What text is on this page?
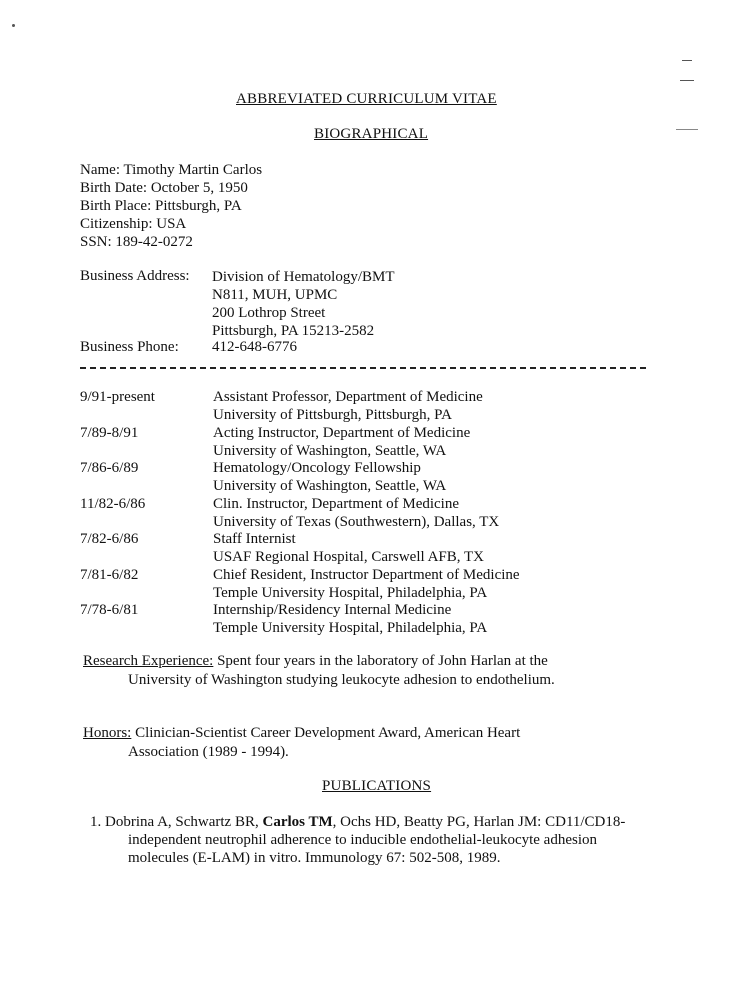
ABBREVIATED CURRICULUM VITAE
BIOGRAPHICAL
Name: Timothy Martin Carlos
Birth Date: October 5, 1950
Birth Place: Pittsburgh, PA
Citizenship: USA
SSN: 189-42-0272
Business Address: Division of Hematology/BMT
N811, MUH, UPMC
200 Lothrop Street
Pittsburgh, PA 15213-2582
Business Phone: 412-648-6776
9/91-present	Assistant Professor, Department of Medicine
University of Pittsburgh, Pittsburgh, PA
7/89-8/91	Acting Instructor, Department of Medicine
University of Washington, Seattle, WA
7/86-6/89	Hematology/Oncology Fellowship
University of Washington, Seattle, WA
11/82-6/86	Clin. Instructor, Department of Medicine
University of Texas (Southwestern), Dallas, TX
7/82-6/86	Staff Internist
USAF Regional Hospital, Carswell AFB, TX
7/81-6/82	Chief Resident, Instructor Department of Medicine
Temple University Hospital, Philadelphia, PA
7/78-6/81	Internship/Residency Internal Medicine
Temple University Hospital, Philadelphia, PA
Research Experience: Spent four years in the laboratory of John Harlan at the
University of Washington studying leukocyte adhesion to endothelium.
Honors: Clinician-Scientist Career Development Award, American Heart
Association (1989 - 1994).
PUBLICATIONS
1. Dobrina A, Schwartz BR, Carlos TM, Ochs HD, Beatty PG, Harlan JM: CD11/CD18-
independent neutrophil adherence to inducible endothelial-leukocyte adhesion
molecules (E-LAM) in vitro. Immunology 67: 502-508, 1989.
